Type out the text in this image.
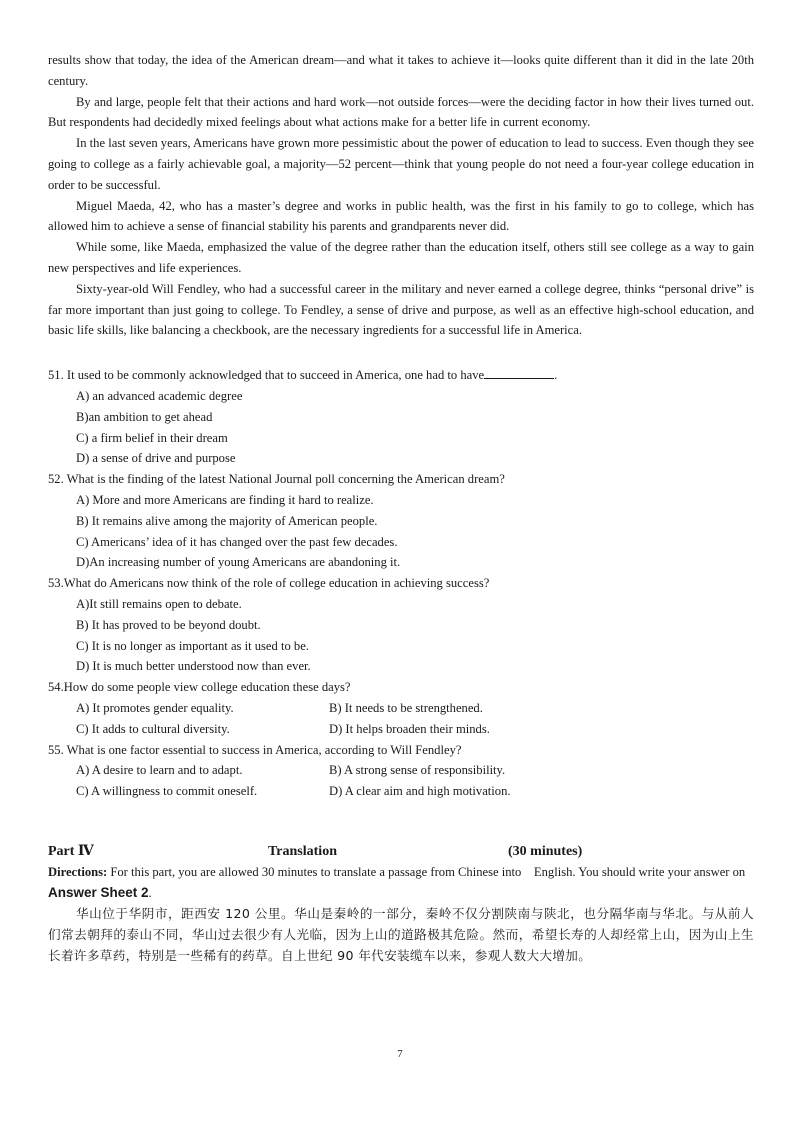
results show that today, the idea of the American dream—and what it takes to achieve it—looks quite different than it did in the late 20th century.

By and large, people felt that their actions and hard work—not outside forces—were the deciding factor in how their lives turned out. But respondents had decidedly mixed feelings about what actions make for a better life in current economy.

In the last seven years, Americans have grown more pessimistic about the power of education to lead to success. Even though they see going to college as a fairly achievable goal, a majority—52 percent—think that young people do not need a four-year college education in order to be successful.

Miguel Maeda, 42, who has a master’s degree and works in public health, was the first in his family to go to college, which has allowed him to achieve a sense of financial stability his parents and grandparents never did.

While some, like Maeda, emphasized the value of the degree rather than the education itself, others still see college as a way to gain new perspectives and life experiences.

Sixty-year-old Will Fendley, who had a successful career in the military and never earned a college degree, thinks “personal drive” is far more important than just going to college. To Fendley, a sense of drive and purpose, as well as an effective high-school education, and basic life skills, like balancing a checkbook, are the necessary ingredients for a successful life in America.

51. It used to be commonly acknowledged that to succeed in America, one had to have	.

A) an advanced academic degree

B)an ambition to get ahead

C) a firm belief in their dream

D) a sense of drive and purpose

52. What is the finding of the latest National Journal poll concerning the American dream?

A) More and more Americans are finding it hard to realize.

B) It remains alive among the majority of American people.

C) Americans’ idea of it has changed over the past few decades.

D)An increasing number of young Americans are abandoning it.

53.What do Americans now think of the role of college education in achieving success?

A)It still remains open to debate.

B) It has proved to be beyond doubt.

C) It is no longer as important as it used to be.

D) It is much better understood now than ever.

54.How do some people view college education these days?

A) It promotes gender equality.	B) It needs to be strengthened.
C) It adds to cultural diversity.	D) It helps broaden their minds.

55. What is one factor essential to success in America, according to Will Fendley?

A) A desire to learn and to adapt.	B) A strong sense of responsibility.
C) A willingness to commit oneself.	D) A clear aim and high motivation.
Part Ⅳ	Translation	(30 minutes)

Directions: For this part, you are allowed 30 minutes to translate a passage from Chinese into English. You should write your answer on Answer Sheet 2.

华山位于华阴市，距西安 120 公里。华山是秦岭的一部分，秦岭不仅分割陕南与陕北，也分隔华南与华北。与从前人们常去朝拜的泰山不同，华山过去很少有人光临，因为上山的道路极其危险。然而，希望长寿的人却经常上山，因为山上生长着许多草药，特别是一些稀有的药草。自上世纪 90 年代安装缆车以来，参观人数大大增加。

7
